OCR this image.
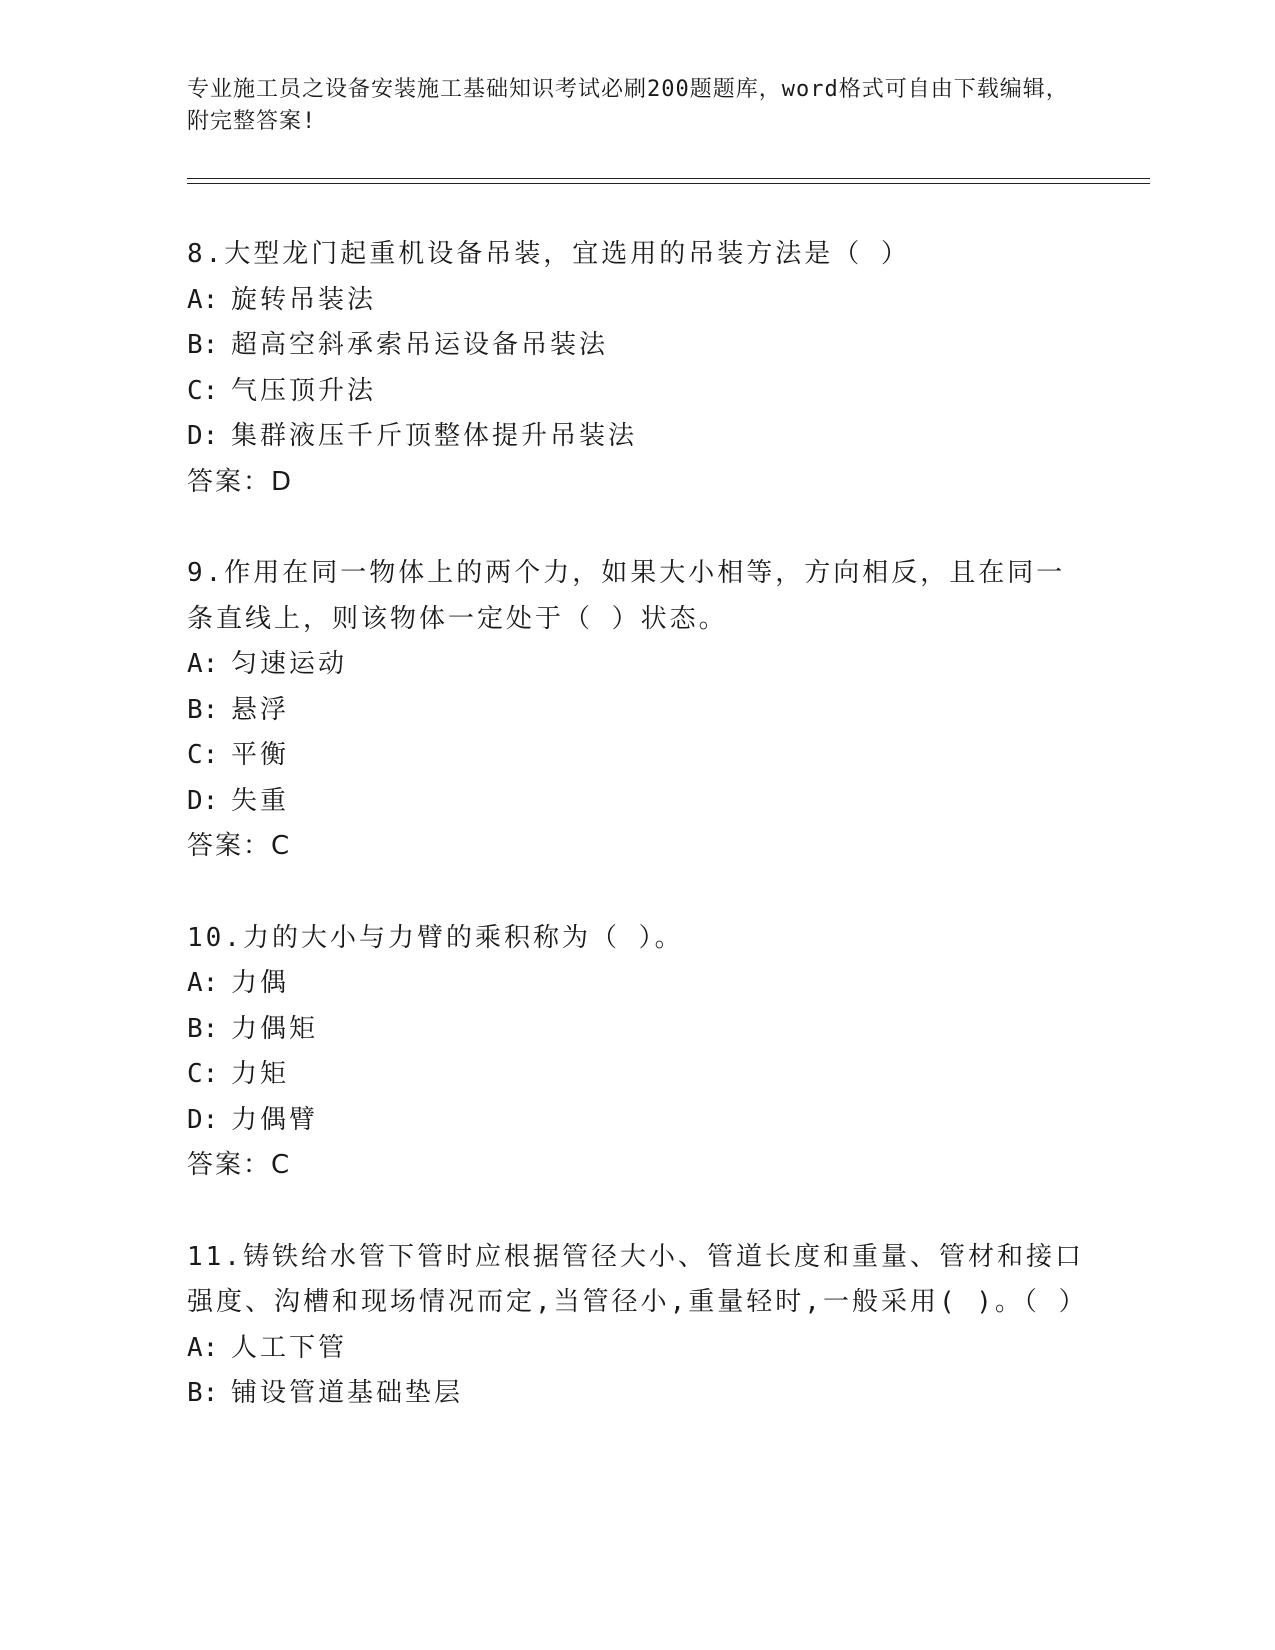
专业施工员之设备安装施工基础知识考试必刷200题题库，word格式可自由下载编辑，附完整答案!

8.大型龙门起重机设备吊装，宜选用的吊装方法是（ ）

A: 旋转吊装法

B: 超高空斜承索吊运设备吊装法

C: 气压顶升法

D: 集群液压千斤顶整体提升吊装法

答案：D

9.作用在同一物体上的两个力，如果大小相等，方向相反，且在同一条直线上，则该物体一定处于（ ）状态。

A: 匀速运动

B: 悬浮

C: 平衡

D: 失重

答案：C

10.力的大小与力臂的乘积称为（ ）。

A: 力偶

B: 力偶矩

C: 力矩

D: 力偶臂

答案：C

11.铸铁给水管下管时应根据管径大小、管道长度和重量、管材和接口强度、沟槽和现场情况而定,当管径小,重量轻时,一般采用( )。（ ）

A: 人工下管

B: 铺设管道基础垫层
